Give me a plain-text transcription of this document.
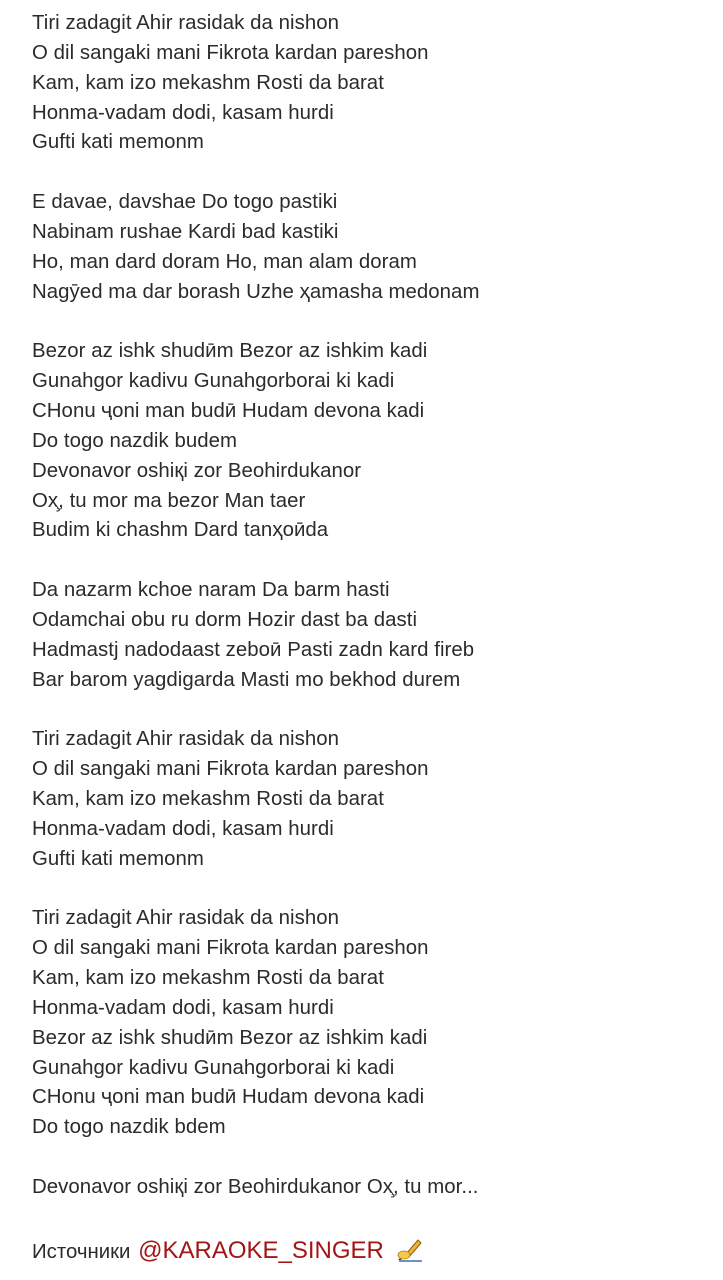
Tiri zadagit Ahir rasidak da nishon
O dil sangaki mani Fikrota kardan pareshon
Kam, kam izo mekashm Rosti da barat
Honma-vadam dodi, kasam hurdi
Gufti kati memonm
E davae, davshae Do togo pastiki
Nabinam rushae Kardi bad kastiki
Ho, man dard doram Ho, man alam doram
Nagӯed ma dar borash Uzhe ҳamasha medonam
Bezor az ishk shudӣm Bezor az ishkim kadi
Gunahgor kadivu Gunahgorborai ki kadi
CHonu ҷoni man budӣ Hudam devona kadi
Do togo nazdik budem
Devonavor oshiқi zor Beohirdukanor
Oх̧, tu mor ma bezor Man taer
Budim ki chashm Dard tanҳoӣda
Da nazarm kchoe naram Da barm hasti
Odamchai obu ru dorm Hozir dast ba dasti
Hadmastj nadodaast zeboӣ Pasti zadn kard fireb
Bar barom yagdigarda Masti mo bekhod durem
Tiri zadagit Ahir rasidak da nishon
O dil sangaki mani Fikrota kardan pareshon
Kam, kam izo mekashm Rosti da barat
Honma-vadam dodi, kasam hurdi
Gufti kati memonm
Tiri zadagit Ahir rasidak da nishon
O dil sangaki mani Fikrota kardan pareshon
Kam, kam izo mekashm Rosti da barat
Honma-vadam dodi, kasam hurdi
Bezor az ishk shudӣm Bezor az ishkim kadi
Gunahgor kadivu Gunahgorborai ki kadi
CHonu ҷoni man budӣ Hudam devona kadi
Do togo nazdik bdem
Devonavor oshiқi zor Beohirdukanor Oх̧, tu mor...
Источники @KARAOKE_SINGER
